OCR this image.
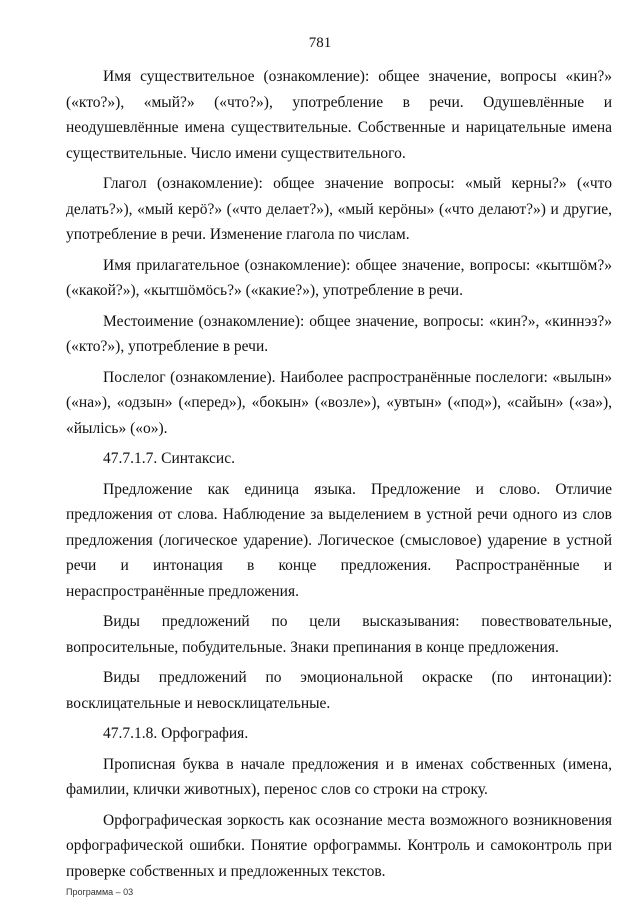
781

Имя существительное (ознакомление): общее значение, вопросы «кин?» («кто?»), «мый?» («что?»), употребление в речи. Одушевлённые и неодушевлённые имена существительные. Собственные и нарицательные имена существительные. Число имени существительного.

Глагол (ознакомление): общее значение вопросы: «мый керны?» («что делать?»), «мый керö?» («что делает?»), «мый керöны» («что делают?») и другие, употребление в речи. Изменение глагола по числам.

Имя прилагательное (ознакомление): общее значение, вопросы: «кытшöм?» («какой?»), «кытшöмöсь?» («какие?»), употребление в речи.

Местоимение (ознакомление): общее значение, вопросы: «кин?», «киннэз?» («кто?»), употребление в речи.

Послелог (ознакомление). Наиболее распространённые послелоги: «вылын» («на»), «одзын» («перед»), «бокын» («возле»), «увтын» («под»), «сайын» («за»), «йылiсь» («о»).

47.7.1.7. Синтаксис.

Предложение как единица языка. Предложение и слово. Отличие предложения от слова. Наблюдение за выделением в устной речи одного из слов предложения (логическое ударение). Логическое (смысловое) ударение в устной речи и интонация в конце предложения. Распространённые и нераспространённые предложения.

Виды предложений по цели высказывания: повествовательные, вопросительные, побудительные. Знаки препинания в конце предложения.

Виды предложений по эмоциональной окраске (по интонации): восклицательные и невосклицательные.

47.7.1.8. Орфография.

Прописная буква в начале предложения и в именах собственных (имена, фамилии, клички животных), перенос слов со строки на строку.

Орфографическая зоркость как осознание места возможного возникновения орфографической ошибки. Понятие орфограммы. Контроль и самоконтроль при проверке собственных и предложенных текстов.

Программа – 03
